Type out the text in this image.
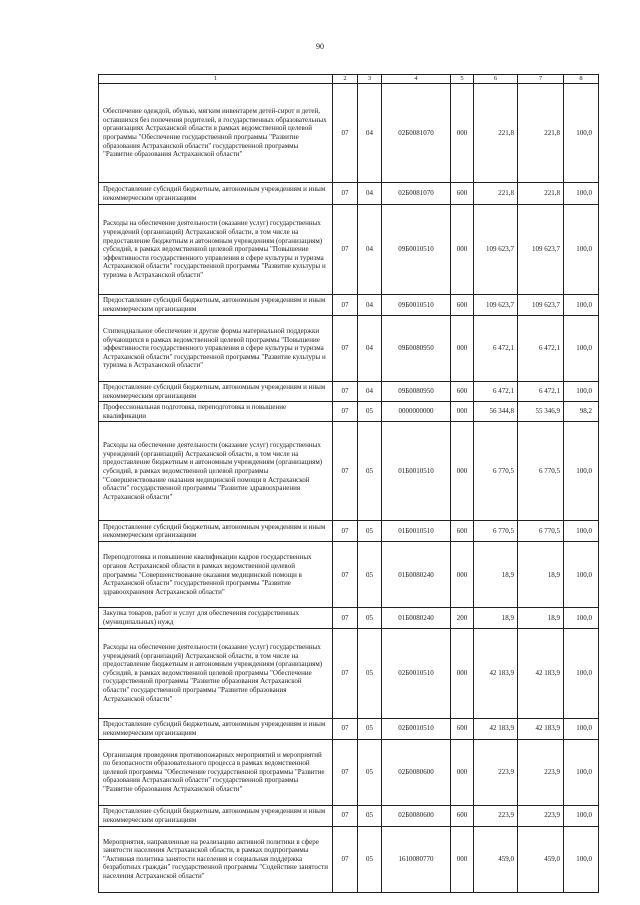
90
1	2	3	4	5	6	7	8
Обеспечение одеждой, обувью, мягким инвентарем детей-сирот и детей, оставшихся без попечения родителей, в государственных образовательных организациях Астраханской области в рамках ведомственной целевой программы "Обеспечение государственной программы "Развитие образования Астраханской области" государственной программы "Развитие образования Астраханской области"	07	04	02Б0081070	000	221,8	221,8	100,0
Предоставление субсидий бюджетным, автономным учреждениям и иным некоммерческим организациям	07	04	02Б0081070	600	221,8	221,8	100,0
Расходы на обеспечение деятельности (оказание услуг) государственных учреждений (организаций) Астраханской области, в том числе на предоставление бюджетным и автономным учреждениям (организациям) субсидий, в рамках ведомственной целевой программы "Повышение эффективности государственного управления в сфере культуры и туризма Астраханской области" государственной программы "Развитие культуры и туризма в Астраханской области"	07	04	09Б0010510	000	109 623,7	109 623,7	100,0
Предоставление субсидий бюджетным, автономным учреждениям и иным некоммерческим организациям	07	04	09Б0010510	600	109 623,7	109 623,7	100,0
Стипендиальное обеспечение и другие формы материальной поддержки обучающихся в рамках ведомственной целевой программы "Повышение эффективности государственного управления в сфере культуры и туризма Астраханской области" государственной программы "Развитие культуры и туризма в Астраханской области"	07	04	09Б0080950	000	6 472,1	6 472,1	100,0
Предоставление субсидий бюджетным, автономным учреждениям и иным некоммерческим организациям	07	04	09Б0080950	600	6 472,1	6 472,1	100,0
Профессиональная подготовка, переподготовка и повышение квалификации	07	05	0000000000	000	56 344,8	55 346,9	98,2
Расходы на обеспечение деятельности (оказание услуг) государственных учреждений (организаций) Астраханской области, в том числе на предоставление бюджетным и автономным учреждениям (организациям) субсидий, в рамках ведомственной целевой программы "Совершенствование оказания медицинской помощи в Астраханской области" государственной программы "Развитие здравоохранения Астраханской области"	07	05	01Б0010510	000	6 770,5	6 770,5	100,0
Предоставление субсидий бюджетным, автономным учреждениям и иным некоммерческим организациям	07	05	01Б0010510	600	6 770,5	6 770,5	100,0
Переподготовка и повышение квалификации кадров государственных органов Астраханской области в рамках ведомственной целевой программы "Совершенствование оказания медицинской помощи в Астраханской области" государственной программы "Развитие здравоохранения Астраханской области"	07	05	01Б0080240	000	18,9	18,9	100,0
Закупка товаров, работ и услуг для обеспечения государственных (муниципальных) нужд	07	05	01Б0080240	200	18,9	18,9	100,0
Расходы на обеспечение деятельности (оказание услуг) государственных учреждений (организаций) Астраханской области, в том числе на предоставление бюджетным и автономным учреждениям (организациям) субсидий, в рамках ведомственной целевой программы "Обеспечение государственной программы "Развитие образования Астраханской области" государственной программы "Развитие образования Астраханской области"	07	05	02Б0010510	000	42 183,9	42 183,9	100,0
Предоставление субсидий бюджетным, автономным учреждениям и иным некоммерческим организациям	07	05	02Б0010510	600	42 183,9	42 183,9	100,0
Организация проведения противопожарных мероприятий и мероприятий по безопасности образовательного процесса в рамках ведомственной целевой программы "Обеспечение государственной программы "Развитие образования Астраханской области" государственной программы "Развитие образования Астраханской области"	07	05	02Б0080600	000	223,9	223,9	100,0
Предоставление субсидий бюджетным, автономным учреждениям и иным некоммерческим организациям	07	05	02Б0080600	600	223,9	223,9	100,0
Мероприятия, направленные на реализацию активной политики в сфере занятости населения Астраханской области, в рамках подпрограммы "Активная политика занятости населения и социальная поддержка безработных граждан" государственной программы "Содействие занятости населения Астраханской области"	07	05	1610080770	000	459,0	459,0	100,0
